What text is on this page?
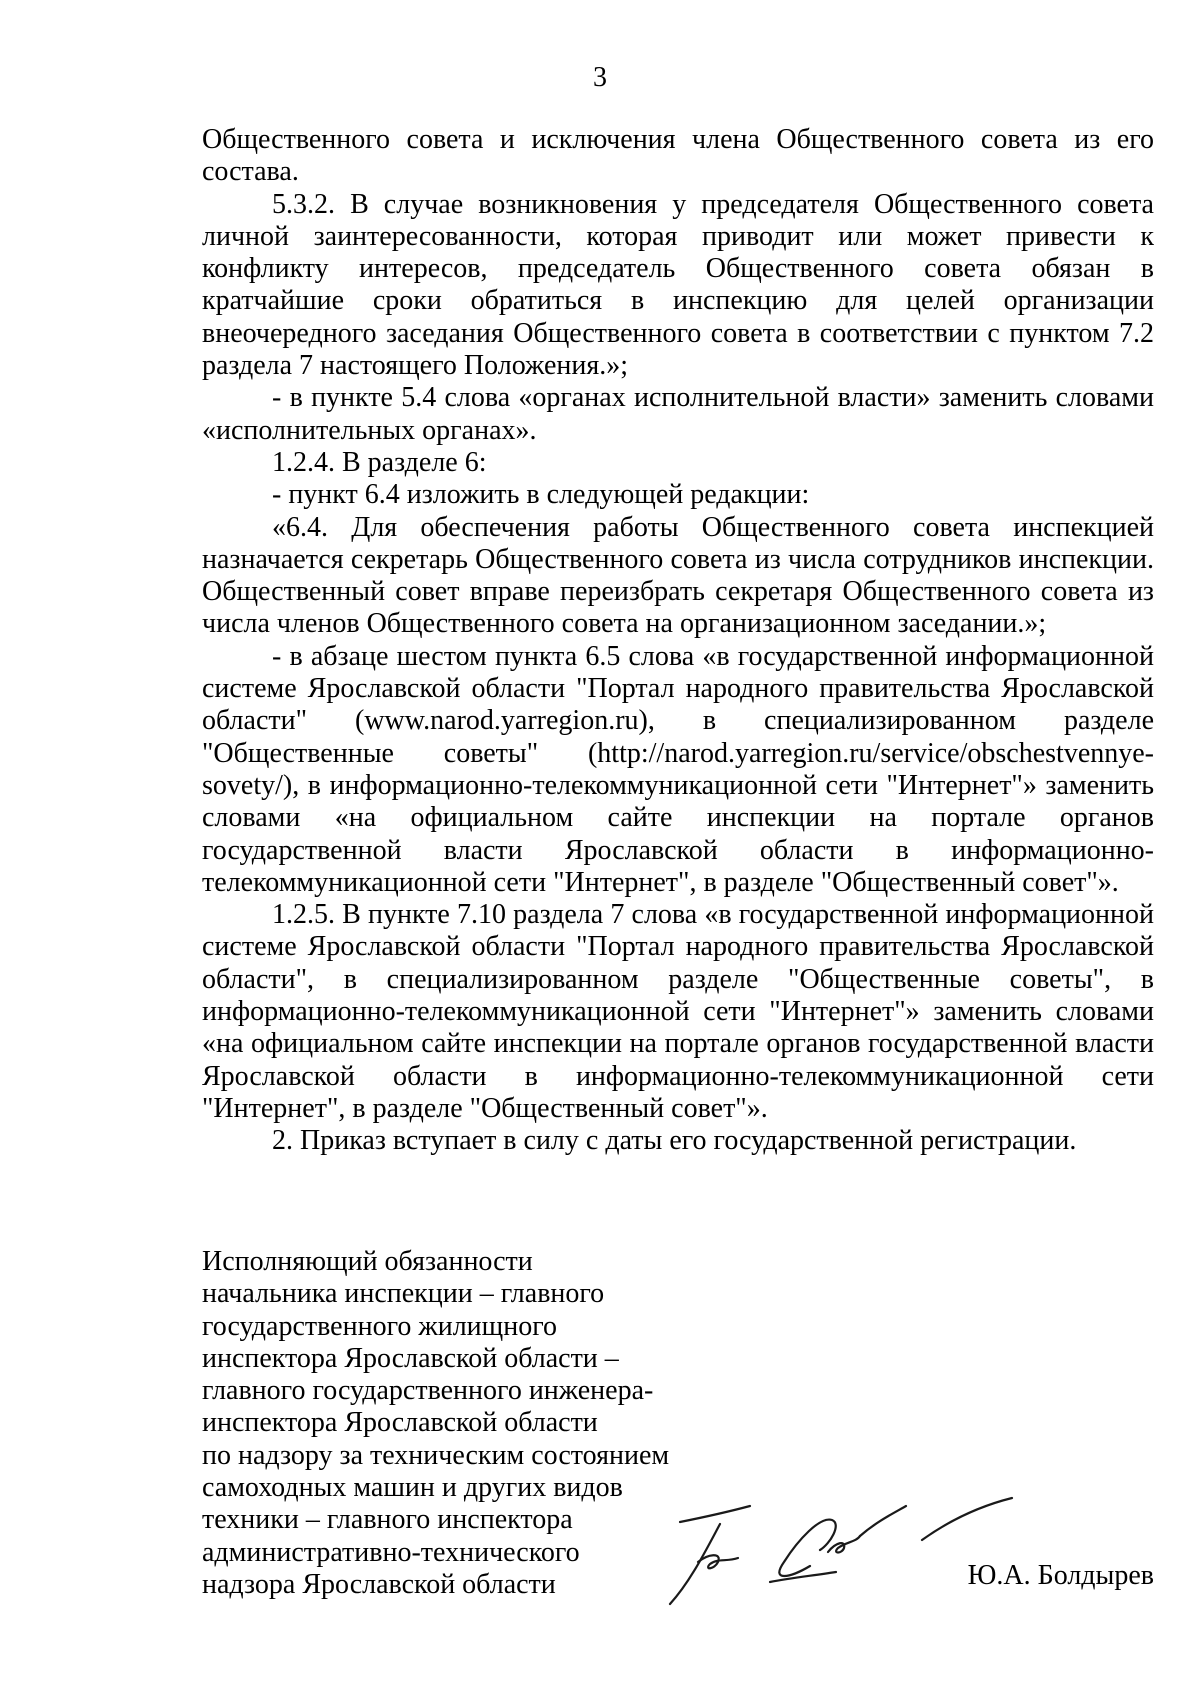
3

Общественного совета и исключения члена Общественного совета из его состава.

5.3.2. В случае возникновения у председателя Общественного совета личной заинтересованности, которая приводит или может привести к конфликту интересов, председатель Общественного совета обязан в кратчайшие сроки обратиться в инспекцию для целей организации внеочередного заседания Общественного совета в соответствии с пунктом 7.2 раздела 7 настоящего Положения.»;

- в пункте 5.4 слова «органах исполнительной власти» заменить словами «исполнительных органах».

1.2.4. В разделе 6:

- пункт 6.4 изложить в следующей редакции:

«6.4. Для обеспечения работы Общественного совета инспекцией назначается секретарь Общественного совета из числа сотрудников инспекции. Общественный совет вправе переизбрать секретаря Общественного совета из числа членов Общественного совета на организационном заседании.»;

- в абзаце шестом пункта 6.5 слова «в государственной информационной системе Ярославской области "Портал народного правительства Ярославской области" (www.narod.yarregion.ru), в специализированном разделе "Общественные советы" (http://narod.yarregion.ru/service/obschestvennye-sovety/), в информационно-телекоммуникационной сети "Интернет"» заменить словами «на официальном сайте инспекции на портале органов государственной власти Ярославской области в информационно-телекоммуникационной сети "Интернет", в разделе "Общественный совет"».

1.2.5. В пункте 7.10 раздела 7 слова «в государственной информационной системе Ярославской области "Портал народного правительства Ярославской области", в специализированном разделе "Общественные советы", в информационно-телекоммуникационной сети "Интернет"» заменить словами «на официальном сайте инспекции на портале органов государственной власти Ярославской области в информационно-телекоммуникационной сети "Интернет", в разделе "Общественный совет"».

2. Приказ вступает в силу с даты его государственной регистрации.

Исполняющий обязанности
начальника инспекции – главного
государственного жилищного
инспектора Ярославской области –
главного государственного инженера-
инспектора Ярославской области
по надзору за техническим состоянием
самоходных машин и других видов
техники – главного инспектора
административно-технического
надзора Ярославской области	Ю.А. Болдырев
